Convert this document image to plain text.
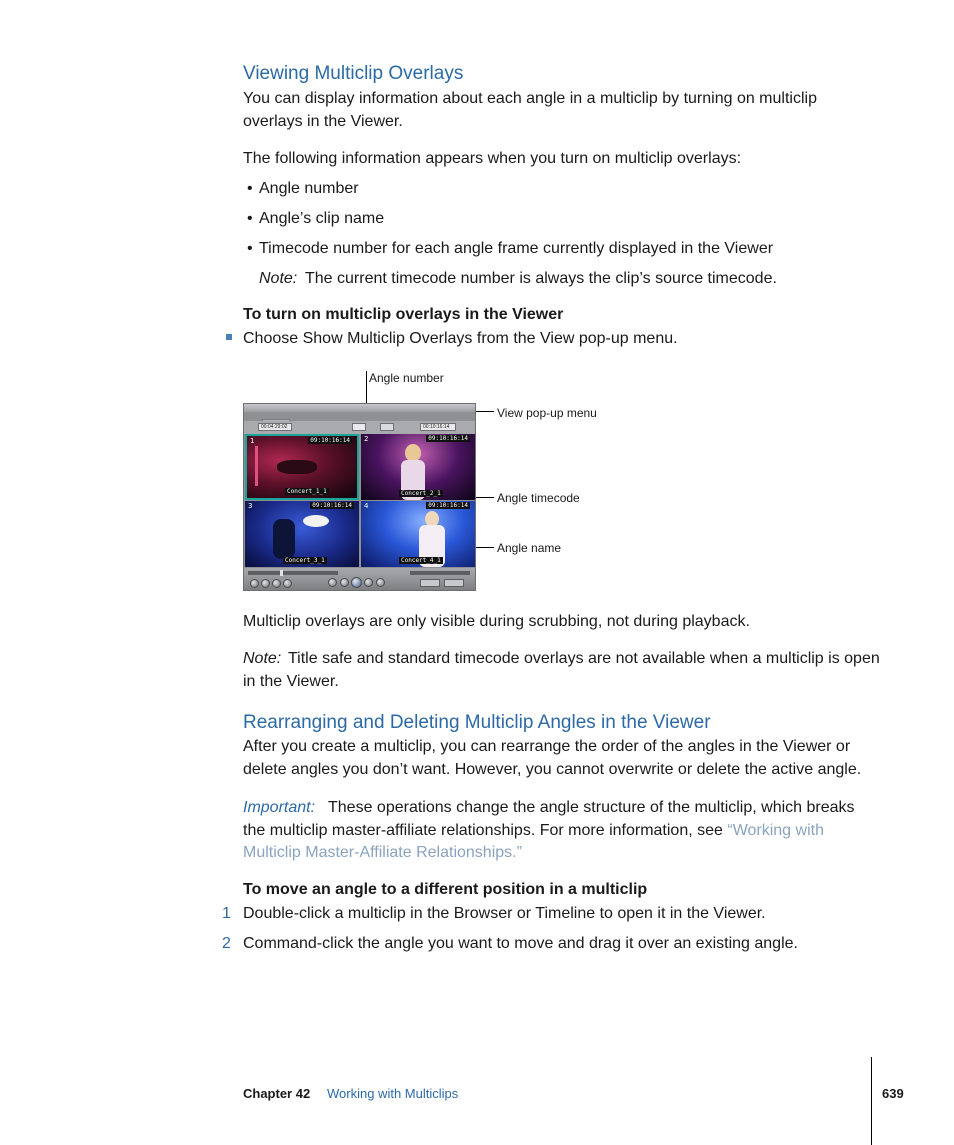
Viewing Multiclip Overlays
You can display information about each angle in a multiclip by turning on multiclip
overlays in the Viewer.
The following information appears when you turn on multiclip overlays:
• Angle number
• Angle’s clip name
• Timecode number for each angle frame currently displayed in the Viewer
Note: The current timecode number is always the clip’s source timecode.
To turn on multiclip overlays in the Viewer
Choose Show Multiclip Overlays from the View pop-up menu.
Angle number
View pop-up menu
Angle timecode
Angle name
00:04:29:02	00:10:16:14
1	09:10:16:14
Concert_1_1
2	09:10:16:14
Concert_2_1
3	09:10:16:14
Concert_3_1
4	09:10:16:14
Concert_4_1
Multiclip overlays are only visible during scrubbing, not during playback.
Note: Title safe and standard timecode overlays are not available when a multiclip is open
in the Viewer.
Rearranging and Deleting Multiclip Angles in the Viewer
After you create a multiclip, you can rearrange the order of the angles in the Viewer or
delete angles you don’t want. However, you cannot overwrite or delete the active angle.
Important: These operations change the angle structure of the multiclip, which breaks
the multiclip master-affiliate relationships. For more information, see “Working with
Multiclip Master-Affiliate Relationships.”
To move an angle to a different position in a multiclip
1 Double-click a multiclip in the Browser or Timeline to open it in the Viewer.
2 Command-click the angle you want to move and drag it over an existing angle.
Chapter 42 Working with Multiclips	639
